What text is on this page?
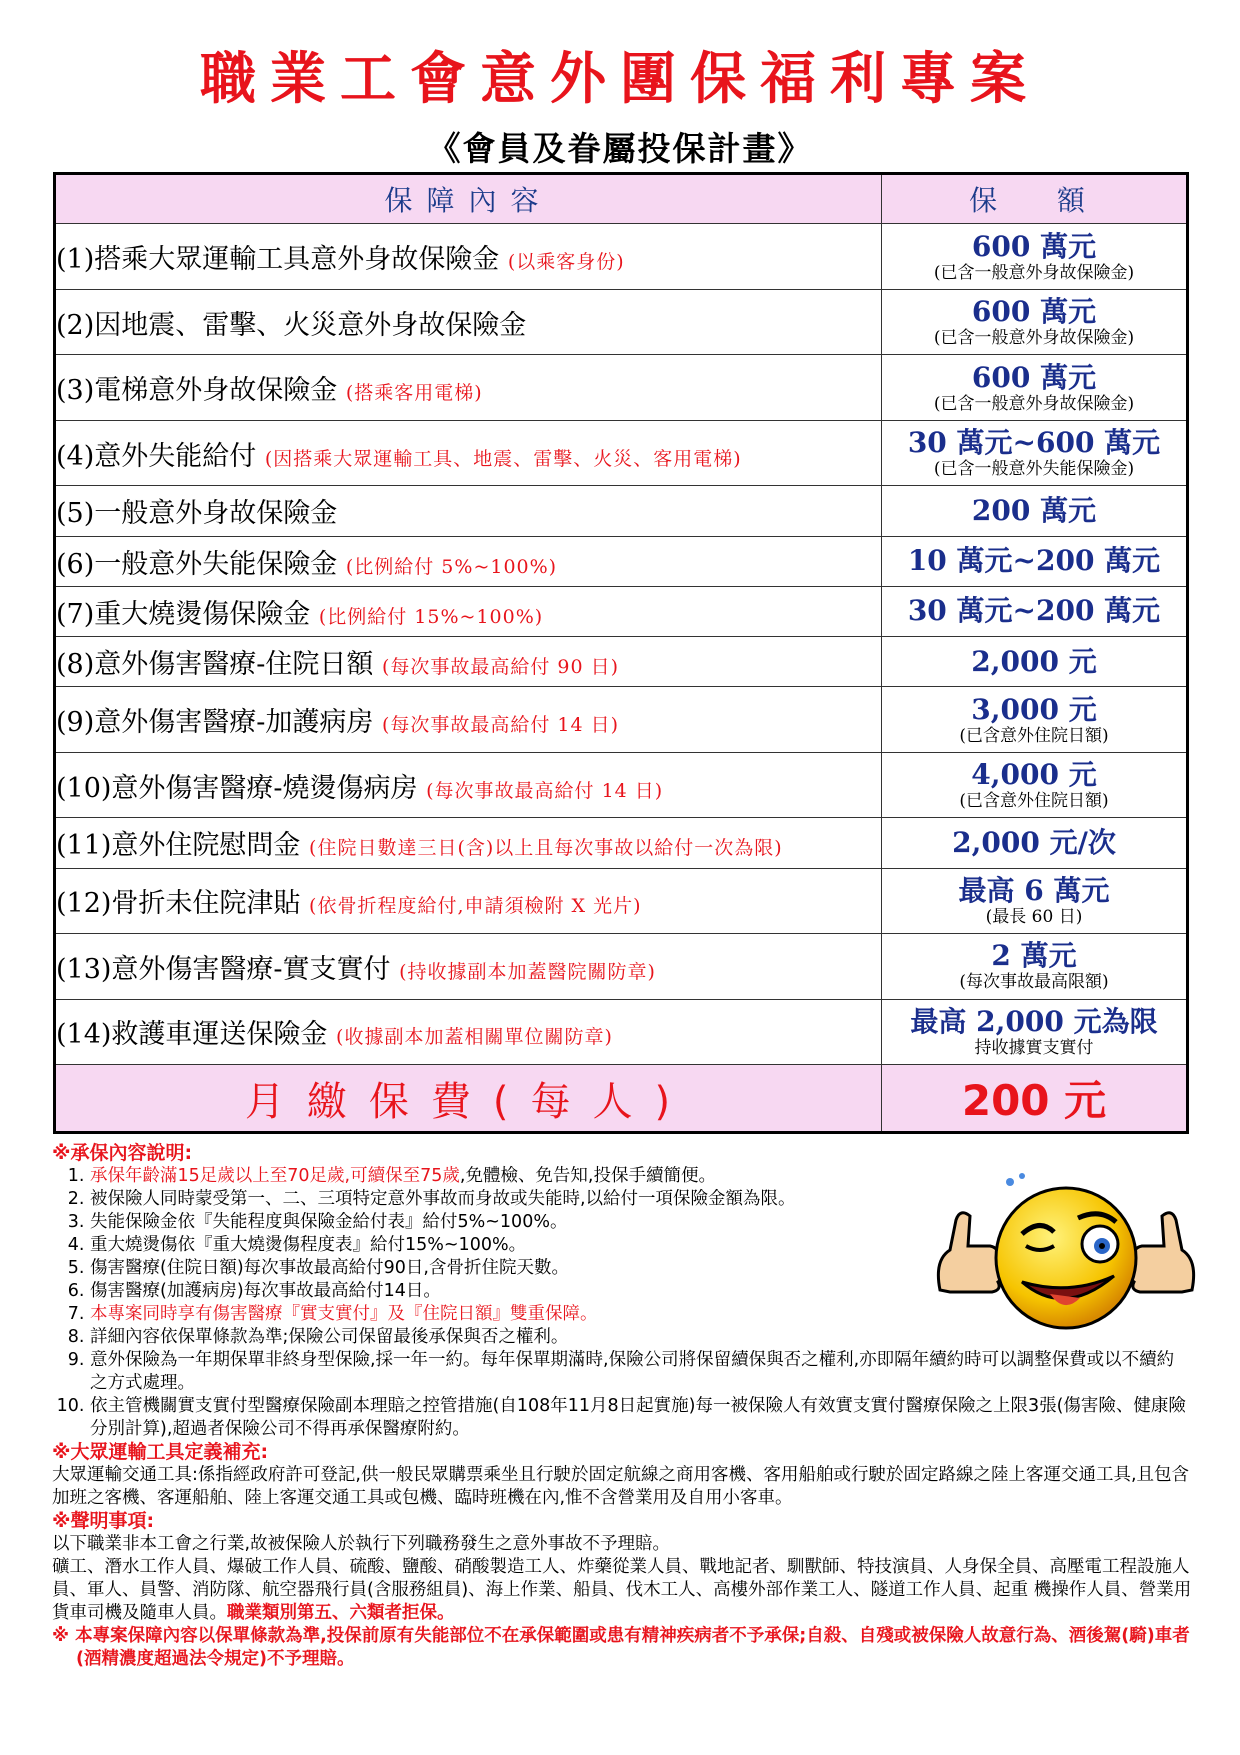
職業工會意外團保福利專案
《會員及眷屬投保計畫》
保障內容	保  額
(1)搭乘大眾運輸工具意外身故保險金 (以乘客身份)	600 萬元
(已含一般意外身故保險金)

(2)因地震、雷擊、火災意外身故保險金	600 萬元
(已含一般意外身故保險金)

(3)電梯意外身故保險金 (搭乘客用電梯)	600 萬元
(已含一般意外身故保險金)

(4)意外失能給付 (因搭乘大眾運輸工具、地震、雷擊、火災、客用電梯)	30 萬元~600 萬元
(已含一般意外失能保險金)

(5)一般意外身故保險金	200 萬元
(6)一般意外失能保險金 (比例給付 5%~100%)	10 萬元~200 萬元
(7)重大燒燙傷保險金 (比例給付 15%~100%)	30 萬元~200 萬元
(8)意外傷害醫療-住院日額 (每次事故最高給付 90 日)	2,000 元
(9)意外傷害醫療-加護病房 (每次事故最高給付 14 日)	3,000 元
(已含意外住院日額)

(10)意外傷害醫療-燒燙傷病房 (每次事故最高給付 14 日)	4,000 元
(已含意外住院日額)

(11)意外住院慰問金 (住院日數達三日(含)以上且每次事故以給付一次為限)	2,000 元/次
(12)骨折未住院津貼 (依骨折程度給付,申請須檢附 X 光片)	最高 6 萬元
(最長 60 日)

(13)意外傷害醫療-實支實付 (持收據副本加蓋醫院關防章)	2 萬元
(每次事故最高限額)

(14)救護車運送保險金 (收據副本加蓋相關單位關防章)	最高 2,000 元為限
持收據實支實付

月繳保費(每人)	200 元
※承保內容說明:
1. 承保年齡滿15足歲以上至70足歲,可續保至75歲,免體檢、免告知,投保手續簡便。
2. 被保險人同時蒙受第一、二、三項特定意外事故而身故或失能時,以給付一項保險金額為限。
3. 失能保險金依『失能程度與保險金給付表』給付5%~100%。
4. 重大燒燙傷依『重大燒燙傷程度表』給付15%~100%。
5. 傷害醫療(住院日額)每次事故最高給付90日,含骨折住院天數。
6. 傷害醫療(加護病房)每次事故最高給付14日。
7. 本專案同時享有傷害醫療『實支實付』及『住院日額』雙重保障。
8. 詳細內容依保單條款為準;保險公司保留最後承保與否之權利。
9. 意外保險為一年期保單非終身型保險,採一年一約。每年保單期滿時,保險公司將保留續保與否之權利,亦即隔年續約時可以調整保費或以不續約之方式處理。
10. 依主管機關實支實付型醫療保險副本理賠之控管措施(自108年11月8日起實施)每一被保險人有效實支實付醫療保險之上限3張(傷害險、健康險分別計算),超過者保險公司不得再承保醫療附約。
※大眾運輸工具定義補充:

大眾運輸交通工具:係指經政府許可登記,供一般民眾購票乘坐且行駛於固定航線之商用客機、客用船舶或行駛於固定路線之陸上客運交通工具,且包含加班之客機、客運船舶、陸上客運交通工具或包機、臨時班機在內,惟不含營業用及自用小客車。

※聲明事項:

以下職業非本工會之行業,故被保險人於執行下列職務發生之意外事故不予理賠。

礦工、潛水工作人員、爆破工作人員、硫酸、鹽酸、硝酸製造工人、炸藥從業人員、戰地記者、馴獸師、特技演員、人身保全員、高壓電工程設施人員、軍人、員警、消防隊、航空器飛行員(含服務組員)、海上作業、船員、伐木工人、高樓外部作業工人、隧道工作人員、起重 機操作人員、營業用貨車司機及隨車人員。職業類別第五、六類者拒保。

※ 本專案保障內容以保單條款為準,投保前原有失能部位不在承保範圍或患有精神疾病者不予承保;自殺、自殘或被保險人故意行為、酒後駕(騎)車者(酒精濃度超過法令規定)不予理賠。
